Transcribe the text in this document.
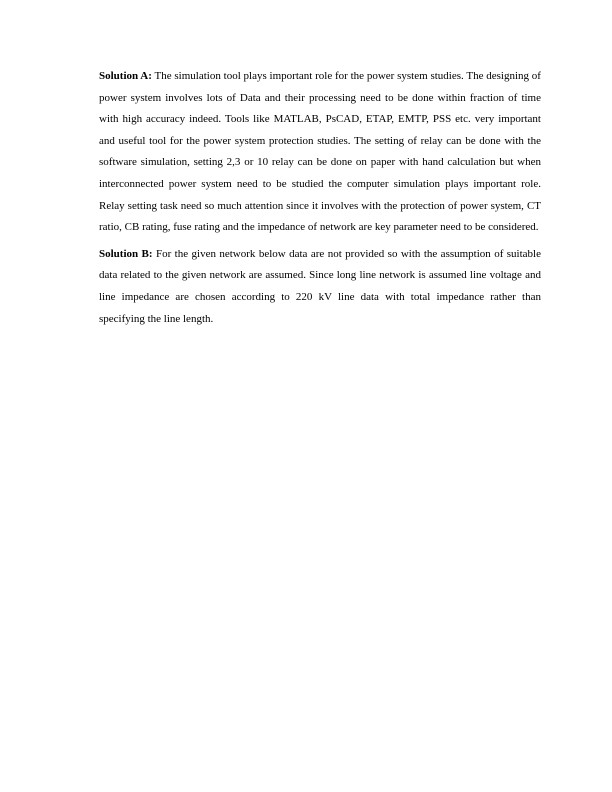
Solution A: The simulation tool plays important role for the power system studies. The designing of power system involves lots of Data and their processing need to be done within fraction of time with high accuracy indeed. Tools like MATLAB, PsCAD, ETAP, EMTP, PSS etc. very important and useful tool for the power system protection studies. The setting of relay can be done with the software simulation, setting 2,3 or 10 relay can be done on paper with hand calculation but when interconnected power system need to be studied the computer simulation plays important role. Relay setting task need so much attention since it involves with the protection of power system, CT ratio, CB rating, fuse rating and the impedance of network are key parameter need to be considered.

Solution B: For the given network below data are not provided so with the assumption of suitable data related to the given network are assumed. Since long line network is assumed line voltage and line impedance are chosen according to 220 kV line data with total impedance rather than specifying the line length.
